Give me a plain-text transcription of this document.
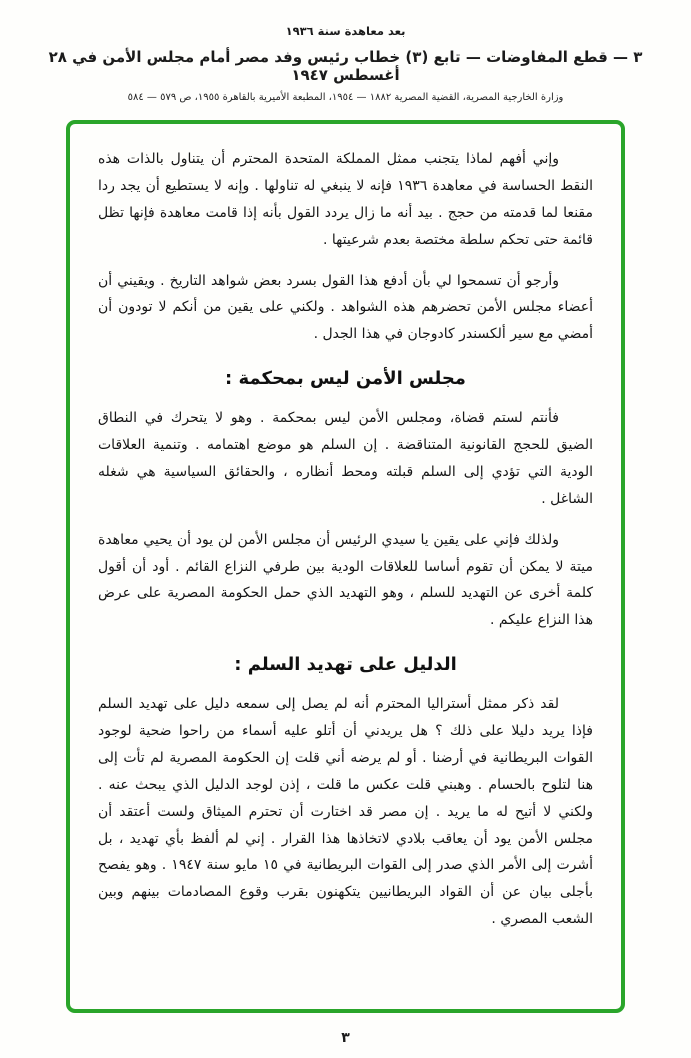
بعد معاهدة سنة ١٩٣٦
٣ — قطع المفاوضات — تابع (٣) خطاب رئيس وفد مصر أمام مجلس الأمن في ٢٨ أغسطس ١٩٤٧
وزارة الخارجية المصرية، القضية المصرية ١٨٨٢ — ١٩٥٤، المطبعة الأميرية بالقاهرة ١٩٥٥، ص ٥٧٩ — ٥٨٤

وإني أفهم لماذا يتجنب ممثل المملكة المتحدة المحترم أن يتناول بالذات هذه النقط الحساسة في معاهدة ١٩٣٦ فإنه لا ينبغي له تناولها . وإنه لا يستطيع أن يجد ردا مقنعا لما قدمته من حجج . بيد أنه ما زال يردد القول بأنه إذا قامت معاهدة فإنها تظل قائمة حتى تحكم سلطة مختصة بعدم شرعيتها .

وأرجو أن تسمحوا لي بأن أدفع هذا القول بسرد بعض شواهد التاريخ . ويقيني أن أعضاء مجلس الأمن تحضرهم هذه الشواهد . ولكني على يقين من أنكم لا تودون أن أمضي مع سير ألكسندر كادوجان في هذا الجدل .

مجلس الأمن ليس بمحكمة :

فأنتم لستم قضاة، ومجلس الأمن ليس بمحكمة . وهو لا يتحرك في النطاق الضيق للحجج القانونية المتناقضة . إن السلم هو موضع اهتمامه . وتنمية العلاقات الودية التي تؤدي إلى السلم قبلته ومحط أنظاره ، والحقائق السياسية هي شغله الشاغل .

ولذلك فإني على يقين يا سيدي الرئيس أن مجلس الأمن لن يود أن يحيي معاهدة ميتة لا يمكن أن تقوم أساسا للعلاقات الودية بين طرفي النزاع القائم . أود أن أقول كلمة أخرى عن التهديد للسلم ، وهو التهديد الذي حمل الحكومة المصرية على عرض هذا النزاع عليكم .

الدليل على تهديد السلم :

لقد ذكر ممثل أستراليا المحترم أنه لم يصل إلى سمعه دليل على تهديد السلم فإذا يريد دليلا على ذلك ؟ هل يريدني أن أتلو عليه أسماء من راحوا ضحية لوجود القوات البريطانية في أرضنا . أو لم يرضه أني قلت إن الحكومة المصرية لم تأت إلى هنا لتلوح بالحسام . وهبني قلت عكس ما قلت ، إذن لوجد الدليل الذي يبحث عنه . ولكني لا أتيح له ما يريد . إن مصر قد اختارت أن تحترم الميثاق ولست أعتقد أن مجلس الأمن يود أن يعاقب بلادي لاتخاذها هذا القرار . إني لم ألفظ بأي تهديد ، بل أشرت إلى الأمر الذي صدر إلى القوات البريطانية في ١٥ مايو سنة ١٩٤٧ . وهو يفصح بأجلى بيان عن أن القواد البريطانيين يتكهنون بقرب وقوع المصادمات بينهم وبين الشعب المصري .

٣
